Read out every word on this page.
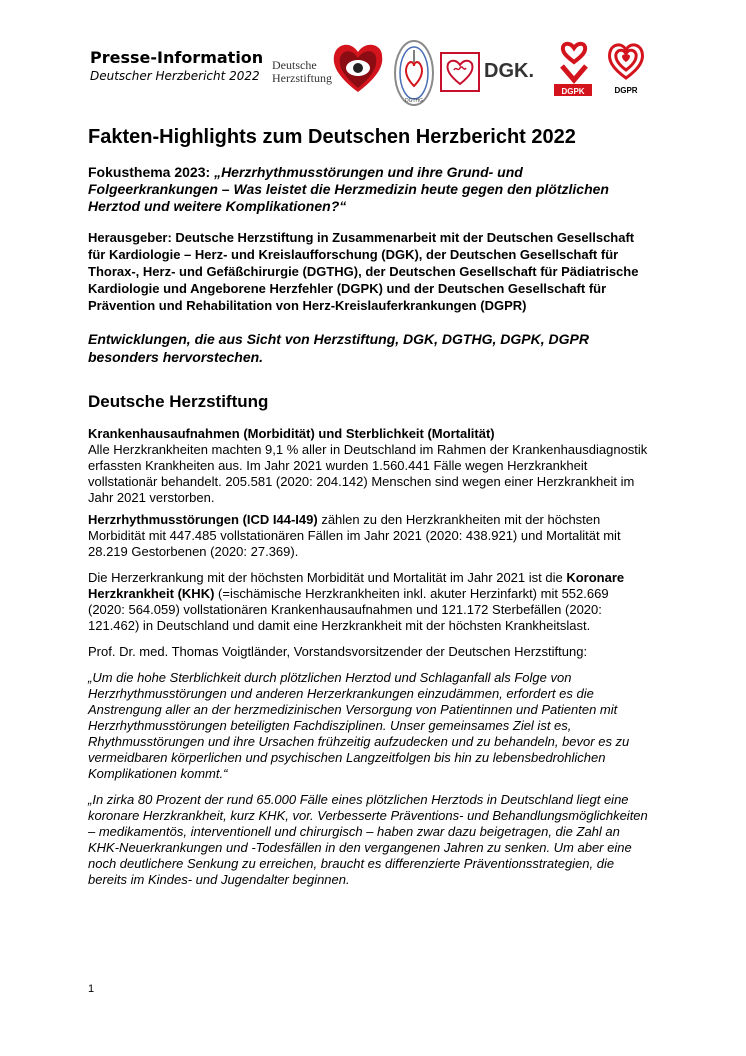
Presse-Information
Deutscher Herzbericht 2022
Deutsche
Herzstiftung
DGTHG
DGK.
DGPK	DGPR
Fakten-Highlights zum Deutschen Herzbericht 2022
Fokusthema 2023: „Herzrhythmusstörungen und ihre Grund- und Folgeerkrankungen – Was leistet die Herzmedizin heute gegen den plötzlichen Herztod und weitere Komplikationen?“
Herausgeber: Deutsche Herzstiftung in Zusammenarbeit mit der Deutschen Gesellschaft für Kardiologie – Herz- und Kreislaufforschung (DGK), der Deutschen Gesellschaft für Thorax-, Herz- und Gefäßchirurgie (DGTHG), der Deutschen Gesellschaft für Pädiatrische Kardiologie und Angeborene Herzfehler (DGPK) und der Deutschen Gesellschaft für Prävention und Rehabilitation von Herz-Kreislauferkrankungen (DGPR)
Entwicklungen, die aus Sicht von Herzstiftung, DGK, DGTHG, DGPK, DGPR besonders hervorstechen.
Deutsche Herzstiftung

Krankenhausaufnahmen (Morbidität) und Sterblichkeit (Mortalität)
Alle Herzkrankheiten machten 9,1 % aller in Deutschland im Rahmen der Krankenhausdiagnostik erfassten Krankheiten aus. Im Jahr 2021 wurden 1.560.441 Fälle wegen Herzkrankheit vollstationär behandelt. 205.581 (2020: 204.142) Menschen sind wegen einer Herzkrankheit im Jahr 2021 verstorben.

Herzrhythmusstörungen (ICD I44-I49) zählen zu den Herzkrankheiten mit der höchsten Morbidität mit 447.485 vollstationären Fällen im Jahr 2021 (2020: 438.921) und Mortalität mit 28.219 Gestorbenen (2020: 27.369).

Die Herzerkrankung mit der höchsten Morbidität und Mortalität im Jahr 2021 ist die Koronare Herzkrankheit (KHK) (=ischämische Herzkrankheiten inkl. akuter Herzinfarkt) mit 552.669 (2020: 564.059) vollstationären Krankenhausaufnahmen und 121.172 Sterbefällen (2020: 121.462) in Deutschland und damit eine Herzkrankheit mit der höchsten Krankheitslast.

Prof. Dr. med. Thomas Voigtländer, Vorstandsvorsitzender der Deutschen Herzstiftung:

„Um die hohe Sterblichkeit durch plötzlichen Herztod und Schlaganfall als Folge von Herzrhythmusstörungen und anderen Herzerkrankungen einzudämmen, erfordert es die Anstrengung aller an der herzmedizinischen Versorgung von Patientinnen und Patienten mit Herzrhythmusstörungen beteiligten Fachdisziplinen. Unser gemeinsames Ziel ist es, Rhythmusstörungen und ihre Ursachen frühzeitig aufzudecken und zu behandeln, bevor es zu vermeidbaren körperlichen und psychischen Langzeitfolgen bis hin zu lebensbedrohlichen Komplikationen kommt.“

„In zirka 80 Prozent der rund 65.000 Fälle eines plötzlichen Herztods in Deutschland liegt eine koronare Herzkrankheit, kurz KHK, vor. Verbesserte Präventions- und Behandlungsmöglichkeiten – medikamentös, interventionell und chirurgisch – haben zwar dazu beigetragen, die Zahl an KHK-Neuerkrankungen und -Todesfällen in den vergangenen Jahren zu senken. Um aber eine noch deutlichere Senkung zu erreichen, braucht es differenzierte Präventionsstrategien, die bereits im Kindes- und Jugendalter beginnen.

1
